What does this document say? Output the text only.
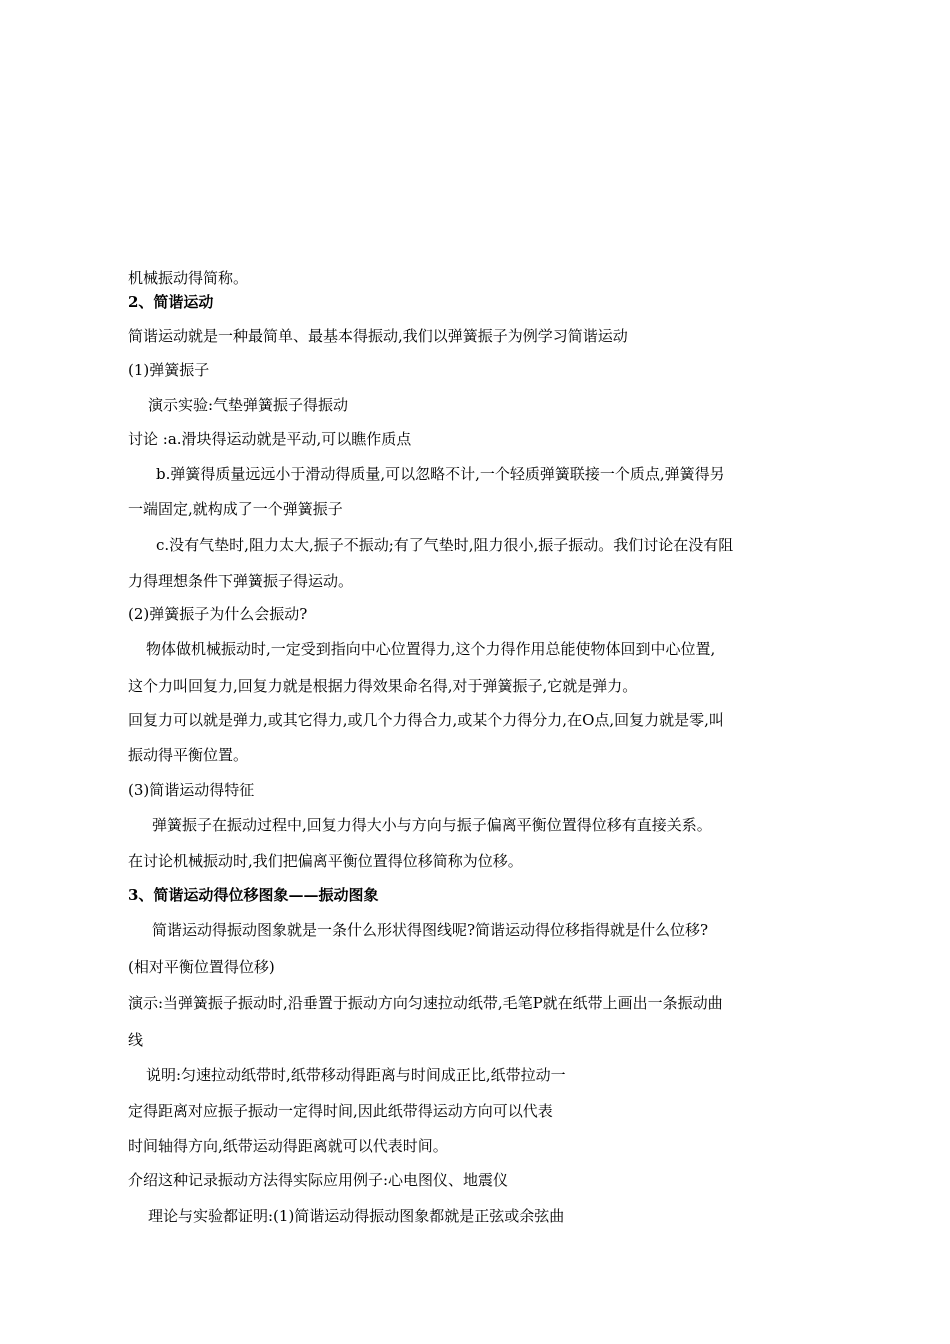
机械振动得简称。
2、简谐运动
简谐运动就是一种最简单、最基本得振动,我们以弹簧振子为例学习简谐运动
(1)弹簧振子
演示实验:气垫弹簧振子得振动
讨论 :a.滑块得运动就是平动,可以瞧作质点
b.弹簧得质量远远小于滑动得质量,可以忽略不计,一个轻质弹簧联接一个质点,弹簧得另
一端固定,就构成了一个弹簧振子
c.没有气垫时,阻力太大,振子不振动;有了气垫时,阻力很小,振子振动。我们讨论在没有阻
力得理想条件下弹簧振子得运动。
(2)弹簧振子为什么会振动?
物体做机械振动时,一定受到指向中心位置得力,这个力得作用总能使物体回到中心位置,
这个力叫回复力,回复力就是根据力得效果命名得,对于弹簧振子,它就是弹力。
回复力可以就是弹力,或其它得力,或几个力得合力,或某个力得分力,在O点,回复力就是零,叫
振动得平衡位置。
(3)简谐运动得特征
弹簧振子在振动过程中,回复力得大小与方向与振子偏离平衡位置得位移有直接关系。
在讨论机械振动时,我们把偏离平衡位置得位移简称为位移。
3、简谐运动得位移图象——振动图象
简谐运动得振动图象就是一条什么形状得图线呢?简谐运动得位移指得就是什么位移?
(相对平衡位置得位移)
演示:当弹簧振子振动时,沿垂置于振动方向匀速拉动纸带,毛笔P就在纸带上画出一条振动曲
线
说明:匀速拉动纸带时,纸带移动得距离与时间成正比,纸带拉动一
定得距离对应振子振动一定得时间,因此纸带得运动方向可以代表
时间轴得方向,纸带运动得距离就可以代表时间。
介绍这种记录振动方法得实际应用例子:心电图仪、地震仪
理论与实验都证明:(1)简谐运动得振动图象都就是正弦或余弦曲
